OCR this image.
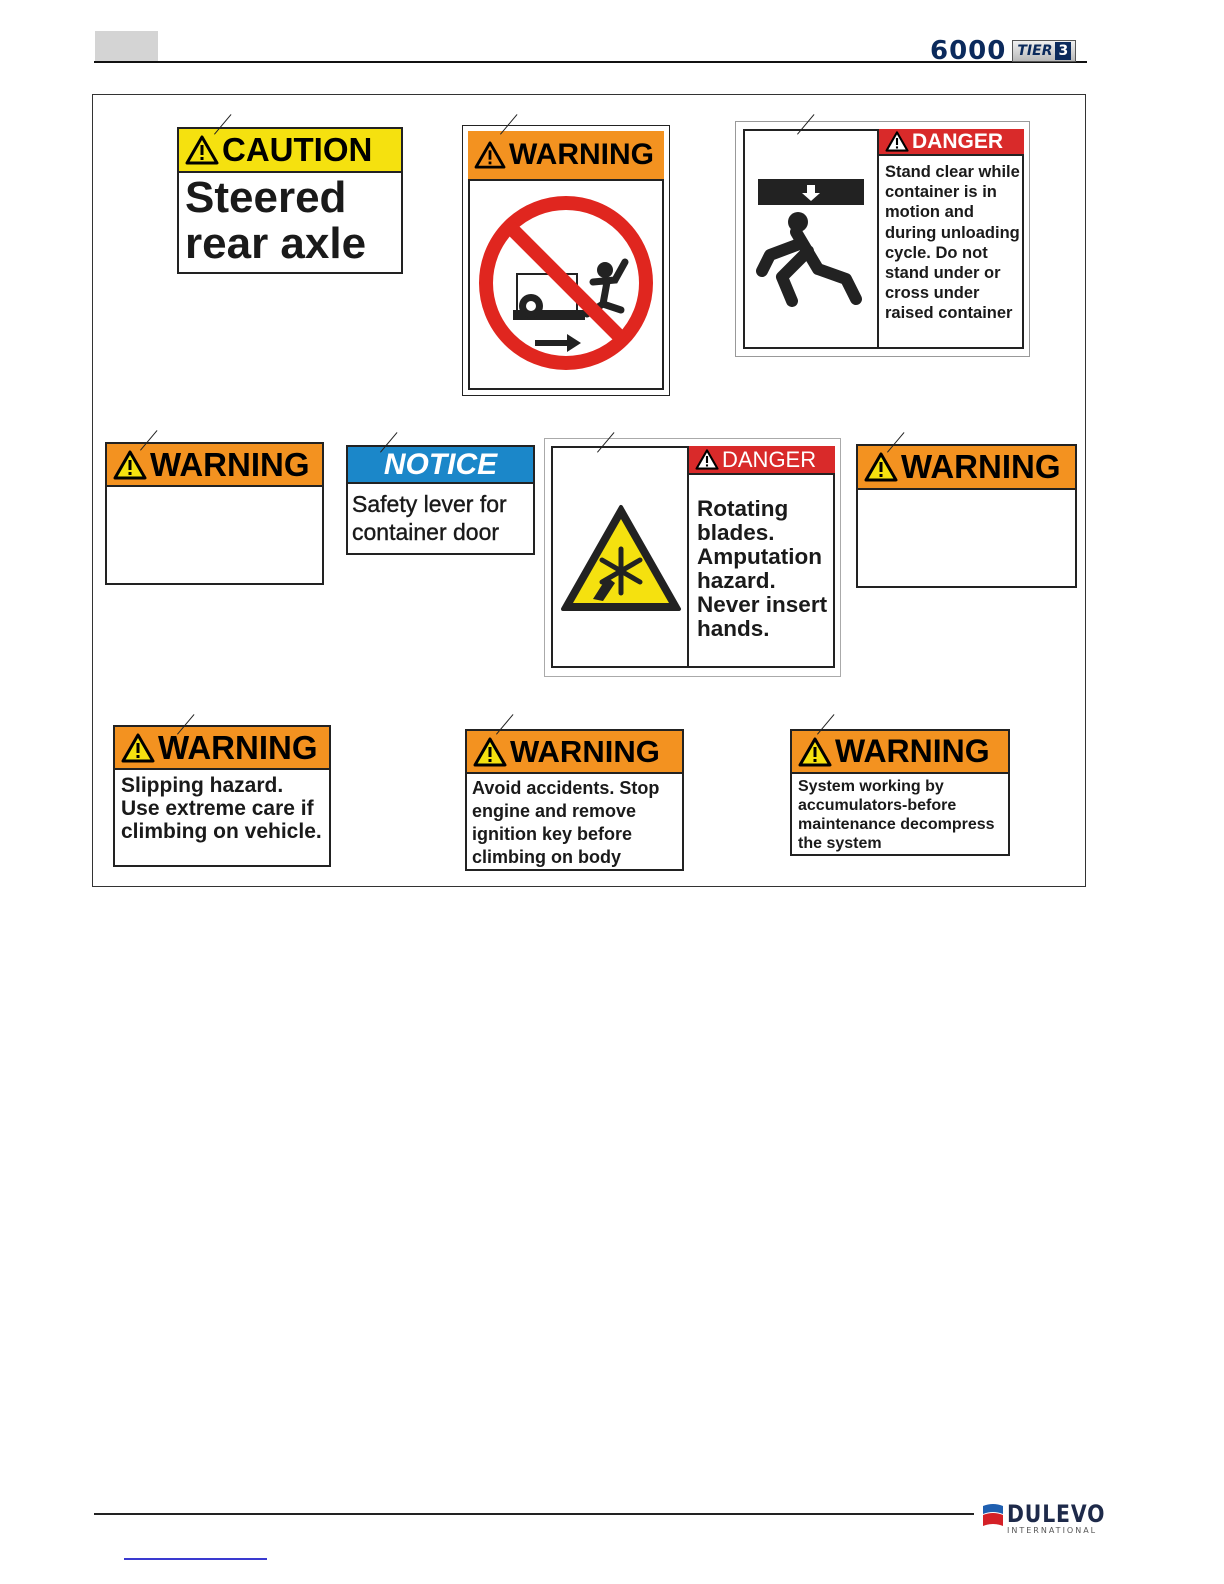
6000 TIER 3
CAUTION
Steered rear axle
WARNING	DANGER
Stand clear while container is in motion and during unloading cycle. Do not stand under or cross under raised container
WARNING NOTICE
Safety lever for container door
DANGER
Rotating blades. Amputation hazard. Never insert hands.
WARNING
WARNING
Slipping hazard. Use extreme care if climbing on vehicle.
WARNING
Avoid accidents. Stop engine and remove ignition key before climbing on body
WARNING
System working by accumulators-before maintenance decompress the system
DULEVO
INTERNATIONAL
